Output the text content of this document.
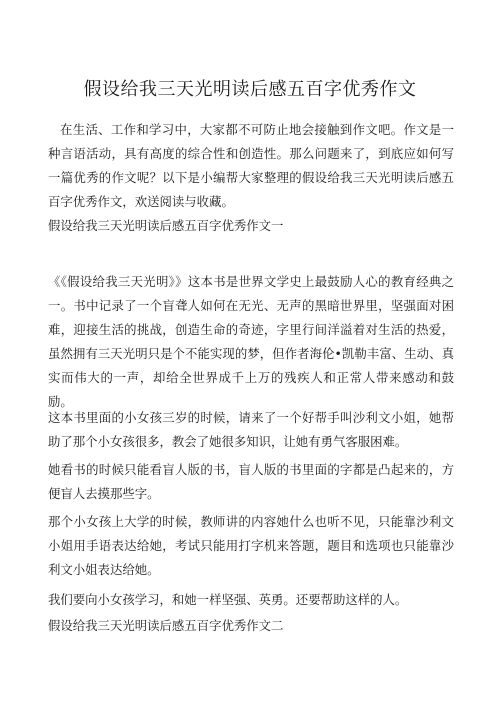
假设给我三天光明读后感五百字优秀作文
在生活、工作和学习中，大家都不可防止地会接触到作文吧。作文是一种言语活动，具有高度的综合性和创造性。那么问题来了，到底应如何写一篇优秀的作文呢？以下是小编帮大家整理的假设给我三天光明读后感五百字优秀作文，欢送阅读与收藏。
假设给我三天光明读后感五百字优秀作文一
《《假设给我三天光明》》这本书是世界文学史上最鼓励人心的教育经典之一。书中记录了一个盲聋人如何在无光、无声的黑暗世界里，坚强面对困难，迎接生活的挑战，创造生命的奇迹，字里行间洋溢着对生活的热爱，虽然拥有三天光明只是个不能实现的梦，但作者海伦•凯勒丰富、生动、真实而伟大的一声，却给全世界成千上万的残疾人和正常人带来感动和鼓励。
这本书里面的小女孩三岁的时候，请来了一个好帮手叫沙利文小姐，她帮助了那个小女孩很多，教会了她很多知识，让她有勇气客服困难。
她看书的时候只能看盲人版的书，盲人版的书里面的字都是凸起来的，方便盲人去摸那些字。
那个小女孩上大学的时候，教师讲的内容她什么也听不见，只能靠沙利文小姐用手语表达给她，考试只能用打字机来答题，题目和选项也只能靠沙利文小姐表达给她。
我们要向小女孩学习，和她一样坚强、英勇。还要帮助这样的人。
假设给我三天光明读后感五百字优秀作文二
